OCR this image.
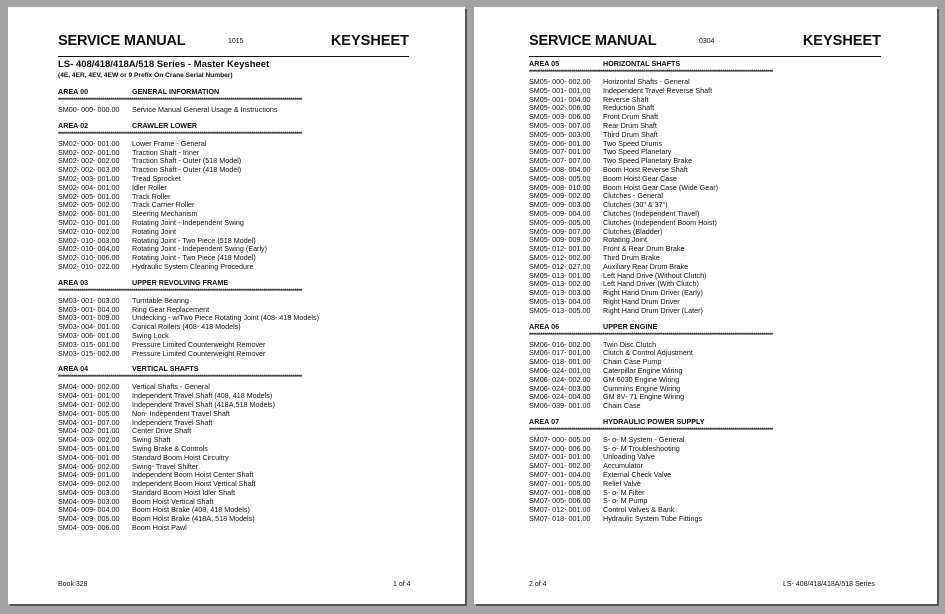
SERVICE MANUAL	1015	KEYSHEET
LS- 408/418/418A/518 Series - Master Keysheet
(4E, 4ER, 4EV, 4EW or 9 Prefix On Crane Serial Number)
AREA 00	GENERAL INFORMATION
******************************************************************************************************************************
SM00- 000- 000.00 Service Manual General Usage & Instructions
AREA 02	CRAWLER LOWER
******************************************************************************************************************************
SM02- 000- 001.00 Lower Frame - General
SM02- 002- 001.00 Traction Shaft - Inner
SM02- 002- 002.00 Traction Shaft - Outer (518 Model)
SM02- 002- 003.00 Traction Shaft - Outer (418 Model)
SM02- 003- 001.00 Tread Sprocket
SM02- 004- 001.00 Idler Roller
SM02- 005- 001.00 Track Roller
SM02- 005- 002.00 Track Carrier Roller
SM02- 006- 001.00 Steering Mechanism
SM02- 010- 001.00 Rotating Joint - Independent Swing
SM02- 010- 002.00 Rotating Joint
SM02- 010- 003.00 Rotating Joint - Two Piece (518 Model)
SM02- 010- 004.00 Rotating Joint - Independent Swing (Early)
SM02- 010- 006.00 Rotating Joint - Two Piece (418 Model)
SM02- 010- 022.00 Hydraulic System Cleaning Procedure
AREA 03	UPPER REVOLVING FRAME
******************************************************************************************************************************
SM03- 001- 003.00 Turntable Bearing
SM03- 001- 004.00 Ring Gear Replacement
SM03- 001- 009.00 Undecking - w/Two Piece Rotating Joint (408- 418 Models)
SM03- 004- 001.00 Conical Rollers (408- 418 Models)
SM03- 006- 001.00 Swing Lock
SM03- 015- 001.00 Pressure Limited Counterweight Remover
SM03- 015- 002.00 Pressure Limited Counterweight Remover
AREA 04	VERTICAL SHAFTS
******************************************************************************************************************************
SM04- 000- 002.00 Vertical Shafts - General
SM04- 001- 001.00 Independent Travel Shaft (408, 418 Models)
SM04- 001- 002.00 Independent Travel Shaft (418A,518 Models)
SM04- 001- 005.00 Non- Independent Travel Shaft
SM04- 001- 007.00 Independent Travel Shaft
SM04- 002- 001.00 Center Drive Shaft
SM04- 003- 002.00 Swing Shaft
SM04- 005- 001.00 Swing Brake & Controls
SM04- 006- 001.00 Standard Boom Hoist Circuitry
SM04- 006- 002.00 Swing- Travel Shifter
SM04- 009- 001.00 Independent Boom Hoist Center Shaft
SM04- 009- 002.00 Independent Boom Hoist Vertical Shaft
SM04- 009- 003.00 Standard Boom Hoist Idler Shaft
SM04- 009- 003.00 Boom Hoist Vertical Shaft
SM04- 009- 004.00 Boom Hoist Brake (408, 418 Models)
SM04- 009- 005.00 Boom Hoist Brake (418A, 518 Models)
SM04- 009- 006.00 Boom Hoist Pawl
Book 328	1 of 4
SERVICE MANUAL	0304	KEYSHEET
AREA 05	HORIZONTAL SHAFTS
******************************************************************************************************************************
SM05- 000- 002.00 Horizontal Shafts - General
SM05- 001- 001.00 Independent Travel Reverse Shaft
SM05- 001- 004.00 Reverse Shaft
SM05- 002- 006.00 Reduction Shaft
SM05- 003- 006.00 Front Drum Shaft
SM05- 003- 007.00 Rear Drum Shaft
SM05- 005- 003.00 Third Drum Shaft
SM05- 006- 001.00 Two Speed Drums
SM05- 007- 001.00 Two Speed Planetary
SM05- 007- 007.00 Two Speed Planetary Brake
SM05- 008- 004.00 Boom Hoist Reverse Shaft
SM05- 008- 005.00 Boom Hoist Gear Case
SM05- 008- 010.00 Boom Hoist Gear Case (Wide Gear)
SM05- 009- 002.00 Clutches - General
SM05- 009- 003.00 Clutches (30" & 37")
SM05- 009- 004.00 Clutches (Independent Travel)
SM05- 009- 005.00 Clutches (Independent Boom Hoist)
SM05- 009- 007.00 Clutches (Bladder)
SM05- 009- 009.00 Rotating Joint
SM05- 012- 001.00 Front & Rear Drum Brake
SM05- 012- 002.00 Third Drum Brake
SM05- 012- 027.00 Auxiliary Rear Drum Brake
SM05- 013- 001.00 Left Hand Drive (Without Clutch)
SM05- 013- 002.00 Left Hand Driver (With Clutch)
SM05- 013- 003.00 Right Hand Drum Driver (Early)
SM05- 013- 004.00 Right Hand Drum Driver
SM05- 013- 005.00 Right Hand Drum Driver (Later)
AREA 06	UPPER ENGINE
******************************************************************************************************************************
SM06- 016- 002.00 Twin Disc Clutch
SM06- 017- 001.00 Clutch & Control Adjustment
SM06- 018- 001.00 Chain Case Pump
SM06- 024- 001.00 Caterpillar Engine Wiring
SM06- 024- 002.00 GM 6030 Engine Wiring
SM06- 024- 003.00 Cummins Engine Wiring
SM06- 024- 004.00 GM 8V- 71 Engine Wiring
SM06- 039- 001.00 Chain Case
AREA 07	HYDRAULIC POWER SUPPLY
******************************************************************************************************************************
SM07- 000- 005.00 S- o- M System - General
SM07- 000- 006.00 S- o- M Troubleshooting
SM07- 001- 001.00 Unloading Valve
SM07- 001- 002.00 Accumulator
SM07- 001- 004.00 External Check Valve
SM07- 001- 005.00 Relief Valve
SM07- 001- 008.00 S- o- M Filter
SM07- 005- 006.00 S- o- M Pump
SM07- 012- 001.00 Control Valves & Bank
SM07- 018- 001.00 Hydraulic System Tube Fittings
2 of 4	LS- 408/418/418A/518 Series
